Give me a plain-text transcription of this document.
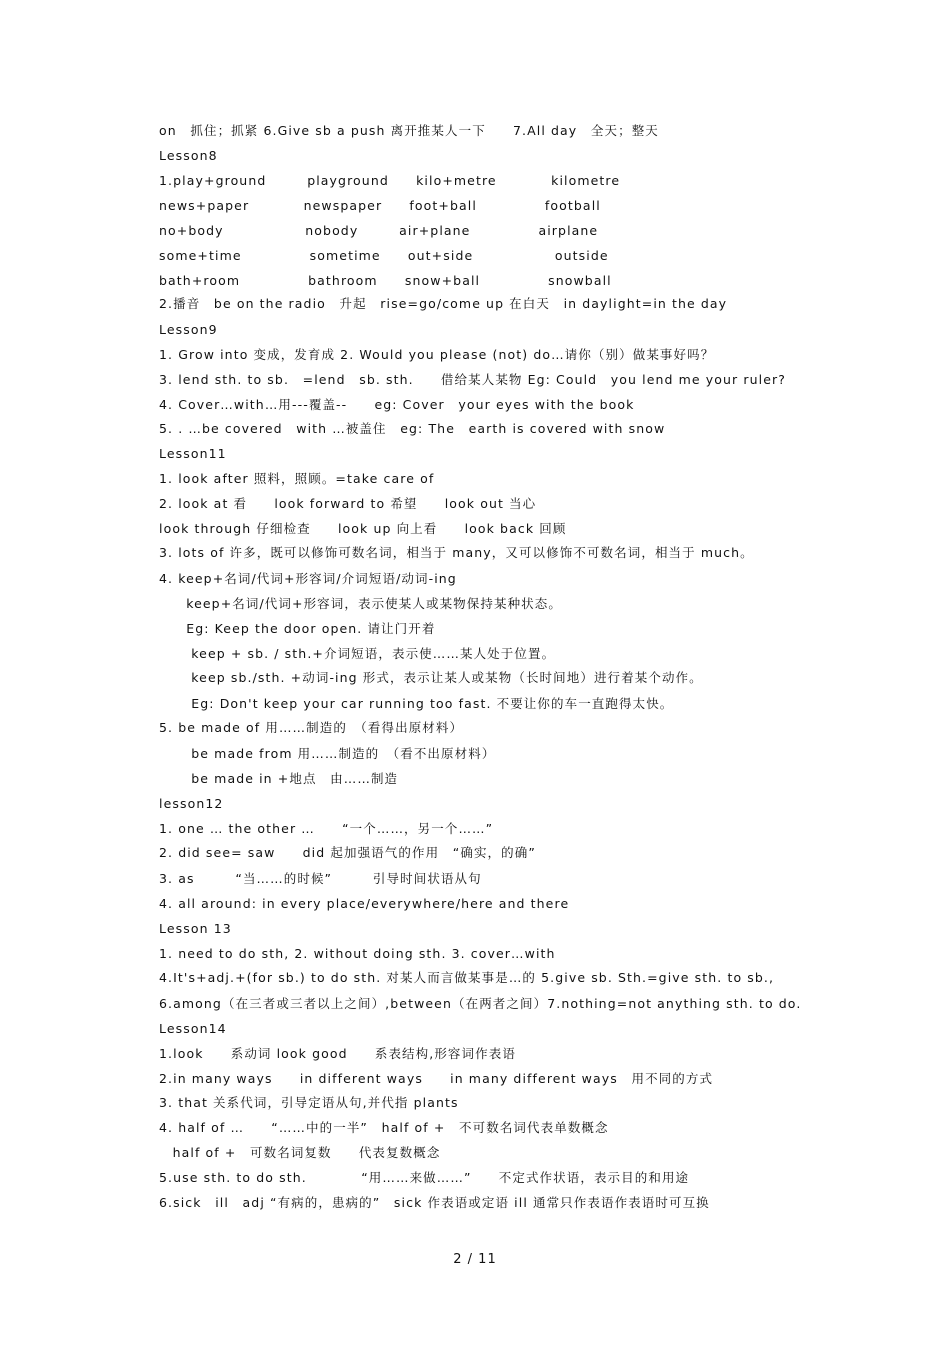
on　抓住；抓紧 6.Give sb a push 离开推某人一下　　7.All day　全天；整天
Lesson8
1.play+ground　　　playground　　kilo+metre　　　　kilometre
news+paper　　　　newspaper　　foot+ball　　　　　football
no+body　　　　　　nobody　　　air+plane　　　　　airplane
some+time　　　　　sometime　　out+side　　　　　　outside
bath+room　　　　　bathroom　　snow+ball　　　　　snowball
2.播音　be on the radio　升起　rise=go/come up 在白天　in daylight=in the day
Lesson9
1. Grow into 变成，发育成 2. Would you please (not) do…请你（别）做某事好吗？
3. lend sth. to sb.　=lend　sb. sth.　　借给某人某物 Eg: Could　you lend me your ruler?
4. Cover…with…用---覆盖--　　eg: Cover　your eyes with the book
5. . …be covered　with …被盖住　eg: The　earth is covered with snow
Lesson11
1. look after 照料，照顾。=take care of
2. look at 看　　look forward to 希望　　look out 当心
look through 仔细检查　　look up 向上看　　look back 回顾
3. lots of 许多，既可以修饰可数名词，相当于 many，又可以修饰不可数名词，相当于 much。
4. keep+名词/代词+形容词/介词短语/动词-ing
　　keep+名词/代词+形容词，表示使某人或某物保持某种状态。
　　Eg: Keep the door open. 请让门开着
　　 keep + sb. / sth.+介词短语，表示使……某人处于位置。
　　 keep sb./sth. +动词-ing 形式，表示让某人或某物（长时间地）进行着某个动作。
　　 Eg: Don't keep your car running too fast. 不要让你的车一直跑得太快。
5. be made of 用……制造的　（看得出原材料）
　　 be made from 用……制造的　（看不出原材料）
　　 be made in +地点　由……制造
lesson12
1. one … the other …　　“一个……，另一个……”
2. did see= saw　　did 起加强语气的作用　“确实，的确”
3. as　　　“当……的时候”　　　引导时间状语从句
4. all around: in every place/everywhere/here and there
Lesson 13
1. need to do sth, 2. without doing sth. 3. cover…with
4.It's+adj.+(for sb.) to do sth. 对某人而言做某事是…的 5.give sb. Sth.=give sth. to sb.,
6.among（在三者或三者以上之间）,between（在两者之间）7.nothing=not anything sth. to do.
Lesson14
1.look　　系动词 look good　　系表结构,形容词作表语
2.in many ways　　in different ways　　in many different ways　用不同的方式
3. that 关系代词，引导定语从句,并代指 plants
4. half of …　　“……中的一半”　half of +　不可数名词代表单数概念
　half of +　可数名词复数　　代表复数概念
5.use sth. to do sth.　　　　“用……来做……”　　不定式作状语，表示目的和用途
6.sick　ill　adj “有病的，患病的”　sick 作表语或定语 ill 通常只作表语作表语时可互换
2 / 11
